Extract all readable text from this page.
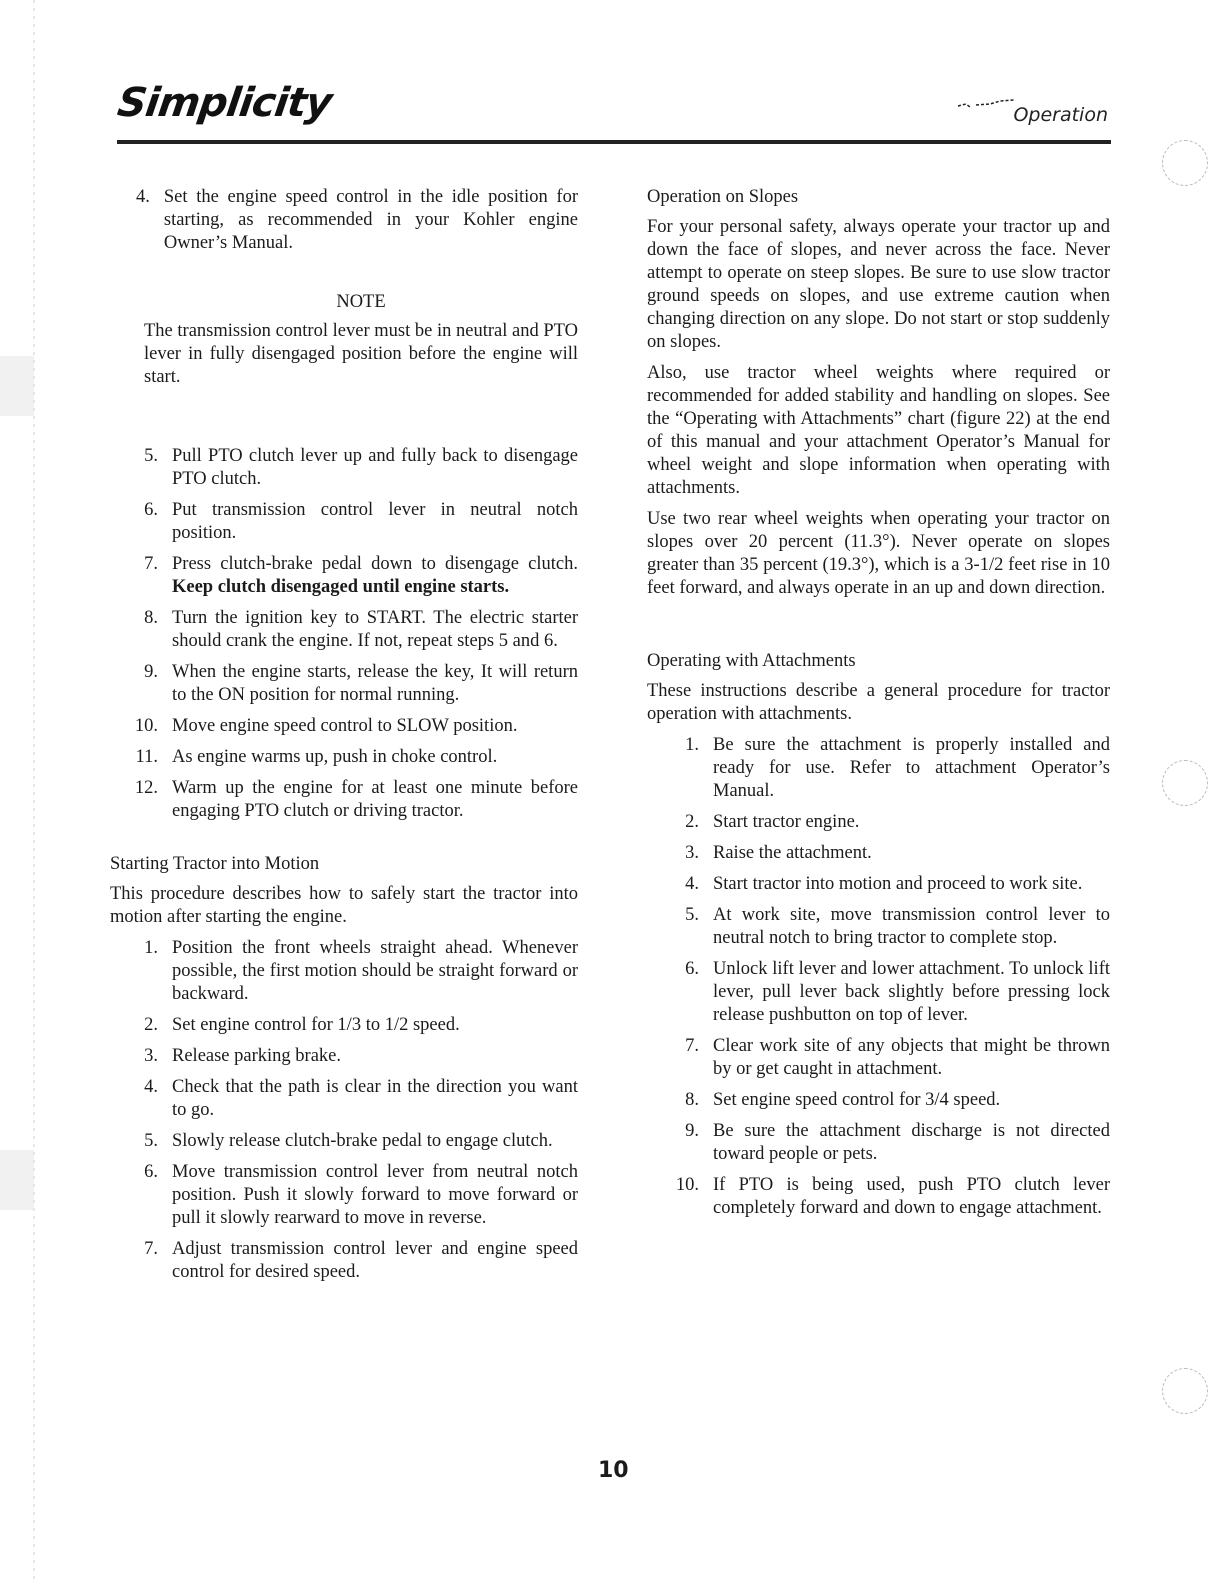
Simplicity	Operation
4. Set the engine speed control in the idle position for starting, as recommended in your Kohler engine Owner’s Manual.
NOTE
The transmission control lever must be in neutral and PTO lever in fully disengaged position before the engine will start.
5. Pull PTO clutch lever up and fully back to disengage PTO clutch.
6. Put transmission control lever in neutral notch position.
7. Press clutch-brake pedal down to disengage clutch. Keep clutch disengaged until engine starts.
8. Turn the ignition key to START. The electric starter should crank the engine. If not, repeat steps 5 and 6.
9. When the engine starts, release the key, It will return to the ON position for normal running.
10. Move engine speed control to SLOW position.
11. As engine warms up, push in choke control.
12. Warm up the engine for at least one minute before engaging PTO clutch or driving tractor.
Starting Tractor into Motion
This procedure describes how to safely start the tractor into motion after starting the engine.
1. Position the front wheels straight ahead. Whenever possible, the first motion should be straight forward or backward.
2. Set engine control for 1/3 to 1/2 speed.
3. Release parking brake.
4. Check that the path is clear in the direction you want to go.
5. Slowly release clutch-brake pedal to engage clutch.
6. Move transmission control lever from neutral notch position. Push it slowly forward to move forward or pull it slowly rearward to move in reverse.
7. Adjust transmission control lever and engine speed control for desired speed.
Operation on Slopes
For your personal safety, always operate your tractor up and down the face of slopes, and never across the face. Never attempt to operate on steep slopes. Be sure to use slow tractor ground speeds on slopes, and use extreme caution when changing direction on any slope. Do not start or stop suddenly on slopes.
Also, use tractor wheel weights where required or recommended for added stability and handling on slopes. See the “Operating with Attachments” chart (figure 22) at the end of this manual and your attachment Operator’s Manual for wheel weight and slope information when operating with attachments.
Use two rear wheel weights when operating your tractor on slopes over 20 percent (11.3°). Never operate on slopes greater than 35 percent (19.3°), which is a 3-1/2 feet rise in 10 feet forward, and always operate in an up and down direction.
Operating with Attachments
These instructions describe a general procedure for tractor operation with attachments.
1. Be sure the attachment is properly installed and ready for use. Refer to attachment Operator’s Manual.
2. Start tractor engine.
3. Raise the attachment.
4. Start tractor into motion and proceed to work site.
5. At work site, move transmission control lever to neutral notch to bring tractor to complete stop.
6. Unlock lift lever and lower attachment. To unlock lift lever, pull lever back slightly before pressing lock release pushbutton on top of lever.
7. Clear work site of any objects that might be thrown by or get caught in attachment.
8. Set engine speed control for 3/4 speed.
9. Be sure the attachment discharge is not directed toward people or pets.
10. If PTO is being used, push PTO clutch lever completely forward and down to engage attachment.
10
